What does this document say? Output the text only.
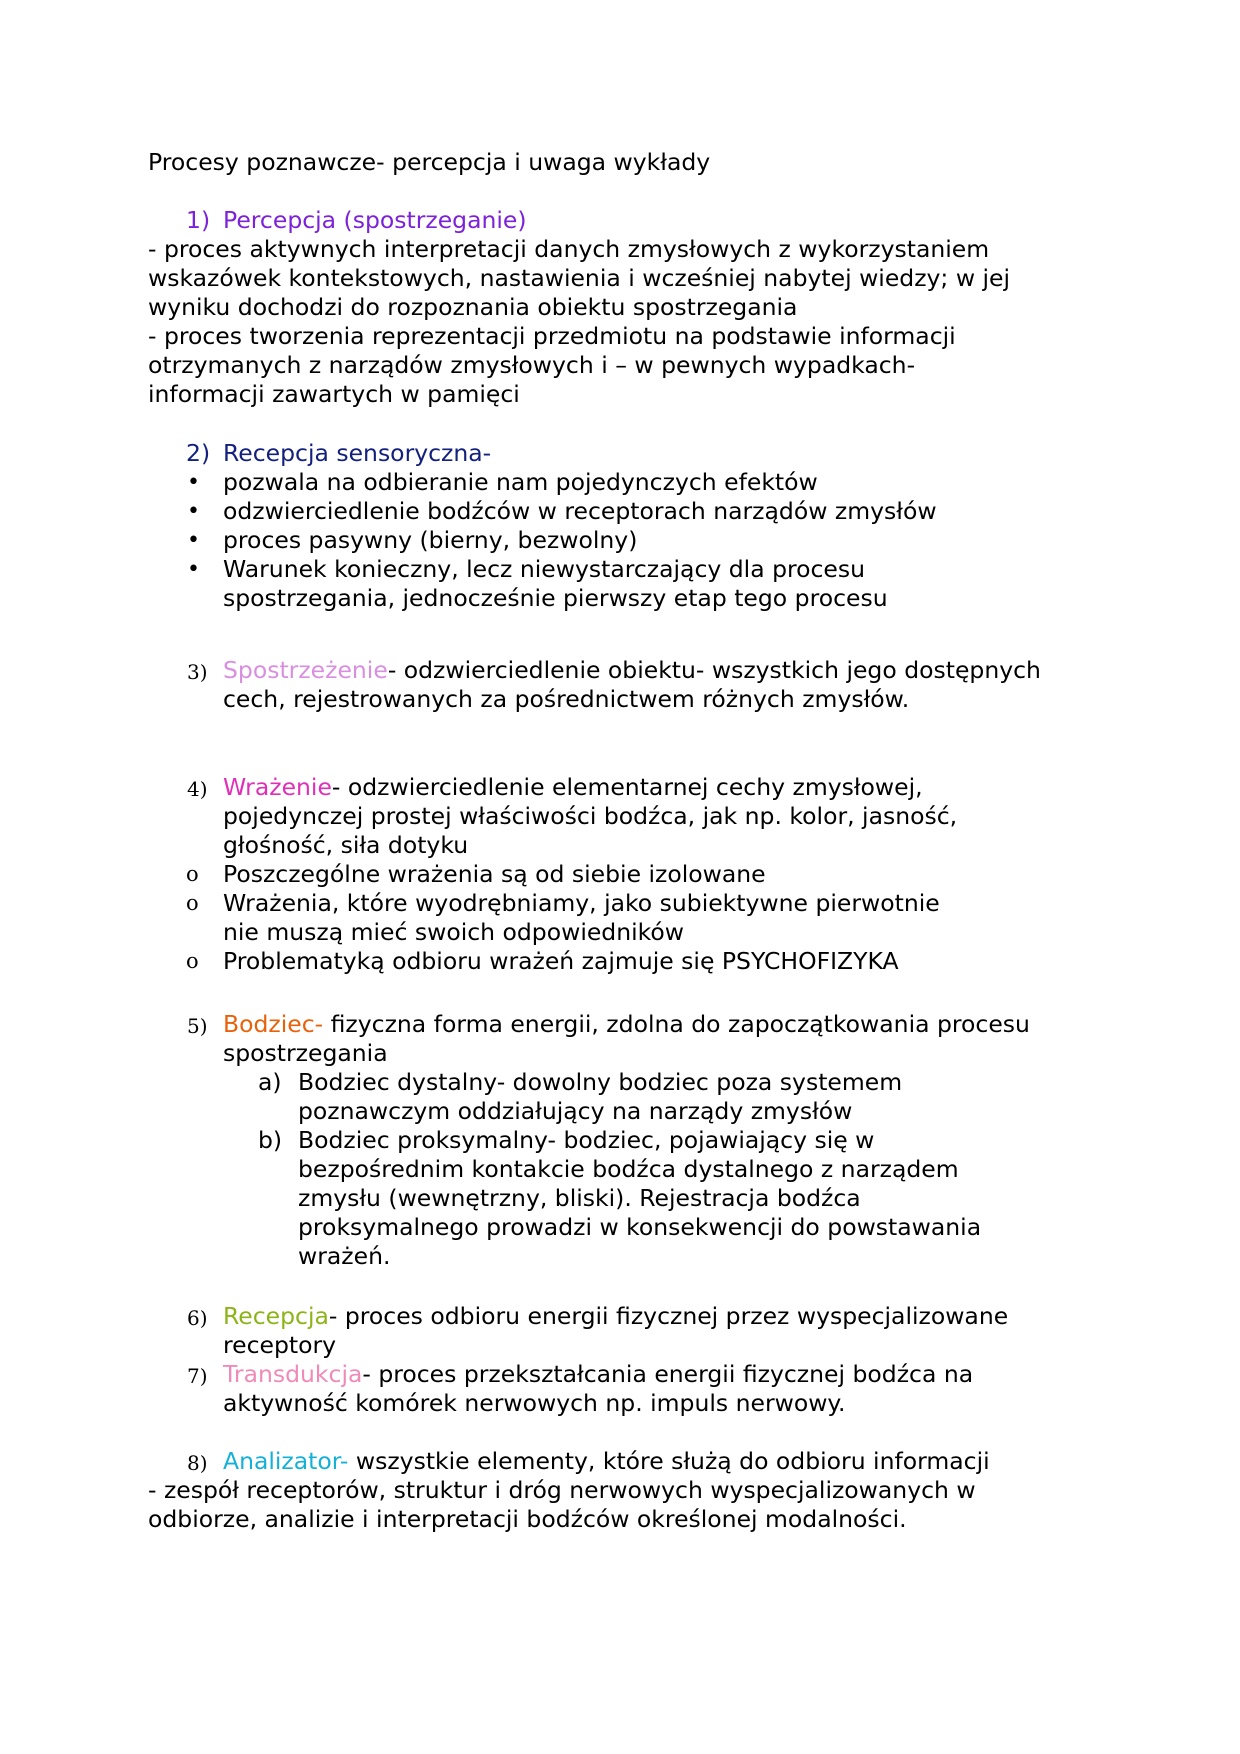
Procesy poznawcze- percepcja i uwaga wykłady

1) Percepcja (spostrzeganie)

- proces aktywnych interpretacji danych zmysłowych z wykorzystaniem

wskazówek kontekstowych, nastawienia i wcześniej nabytej wiedzy; w jej

wyniku dochodzi do rozpoznania obiektu spostrzegania

- proces tworzenia reprezentacji przedmiotu na podstawie informacji

otrzymanych z narządów zmysłowych i – w pewnych wypadkach-

informacji zawartych w pamięci

2) Recepcja sensoryczna-
• pozwala na odbieranie nam pojedynczych efektów
• odzwierciedlenie bodźców w receptorach narządów zmysłów
• proces pasywny (bierny, bezwolny)
• Warunek konieczny, lecz niewystarczający dla procesu spostrzegania, jednocześnie pierwszy etap tego procesu
3) Spostrzeżenie- odzwierciedlenie obiektu- wszystkich jego dostępnych cech, rejestrowanych za pośrednictwem różnych zmysłów.
4) Wrażenie- odzwierciedlenie elementarnej cechy zmysłowej, pojedynczej prostej właściwości bodźca, jak np. kolor, jasność, głośność, siła dotyku
o Poszczególne wrażenia są od siebie izolowane
o Wrażenia, które wyodrębniamy, jako subiektywne pierwotnie nie muszą mieć swoich odpowiedników
o Problematyką odbioru wrażeń zajmuje się PSYCHOFIZYKA
5) Bodziec- fizyczna forma energii, zdolna do zapoczątkowania procesu spostrzegania
a) Bodziec dystalny- dowolny bodziec poza systemem poznawczym oddziałujący na narządy zmysłów
b) Bodziec proksymalny- bodziec, pojawiający się w bezpośrednim kontakcie bodźca dystalnego z narządem zmysłu (wewnętrzny, bliski). Rejestracja bodźca proksymalnego prowadzi w konsekwencji do powstawania wrażeń.
6) Recepcja- proces odbioru energii fizycznej przez wyspecjalizowane receptory
7) Transdukcja- proces przekształcania energii fizycznej bodźca na aktywność komórek nerwowych np. impuls nerwowy.
8) Analizator- wszystkie elementy, które służą do odbioru informacji

- zespół receptorów, struktur i dróg nerwowych wyspecjalizowanych w

odbiorze, analizie i interpretacji bodźców określonej modalności.
